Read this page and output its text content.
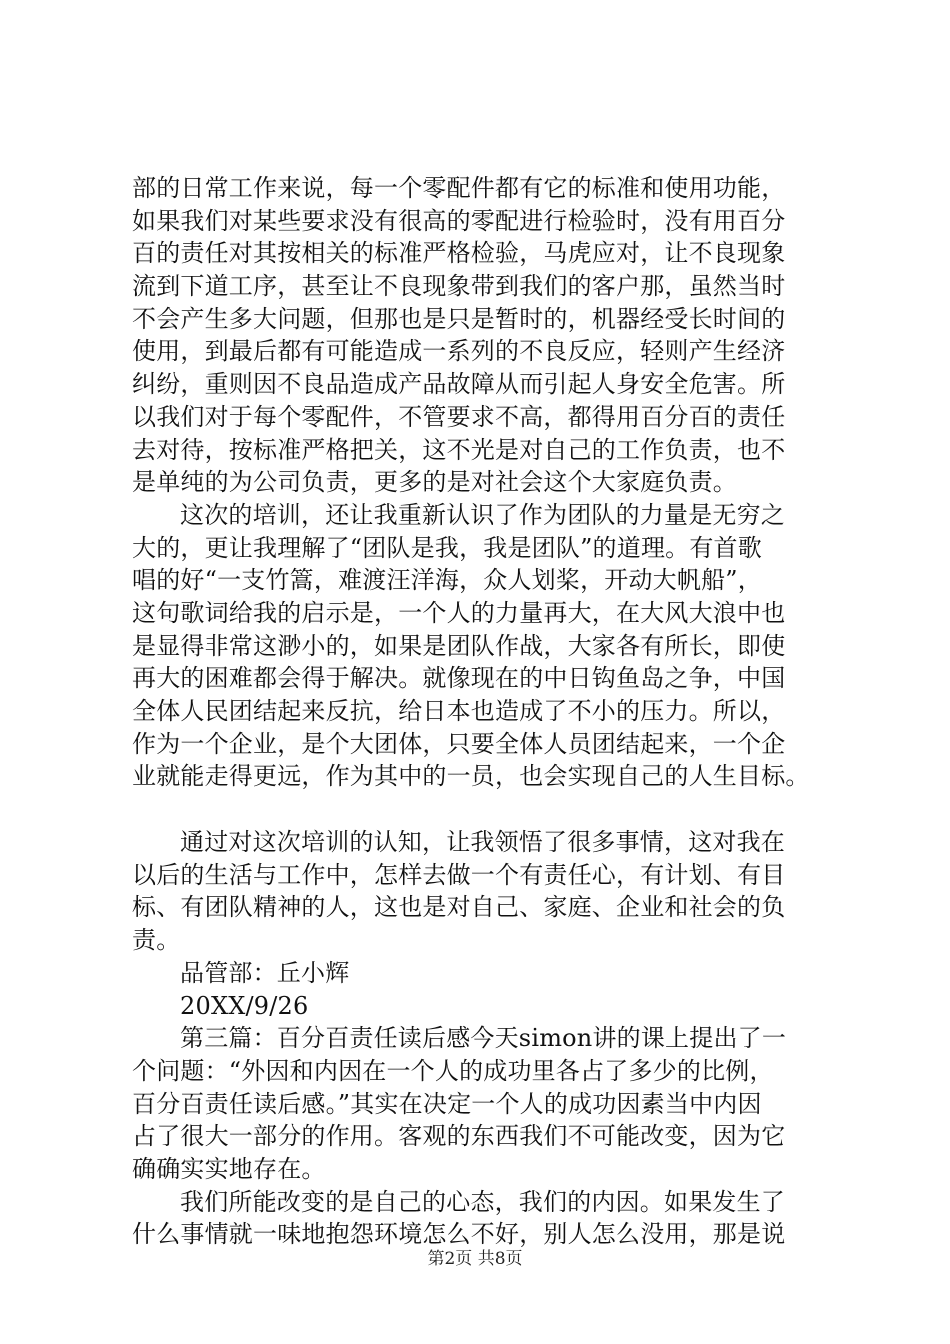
部的日常工作来说，每一个零配件都有它的标准和使用功能，
如果我们对某些要求没有很高的零配进行检验时，没有用百分
百的责任对其按相关的标准严格检验，马虎应对，让不良现象
流到下道工序，甚至让不良现象带到我们的客户那，虽然当时
不会产生多大问题，但那也是只是暂时的，机器经受长时间的
使用，到最后都有可能造成一系列的不良反应，轻则产生经济
纠纷，重则因不良品造成产品故障从而引起人身安全危害。所
以我们对于每个零配件，不管要求不高，都得用百分百的责任
去对待，按标准严格把关，这不光是对自己的工作负责，也不
是单纯的为公司负责，更多的是对社会这个大家庭负责。
这次的培训，还让我重新认识了作为团队的力量是无穷之
大的，更让我理解了“团队是我，我是团队”的道理。有首歌
唱的好“一支竹篙，难渡汪洋海，众人划桨，开动大帆船”，
这句歌词给我的启示是，一个人的力量再大，在大风大浪中也
是显得非常这渺小的，如果是团队作战，大家各有所长，即使
再大的困难都会得于解决。就像现在的中日钩鱼岛之争，中国
全体人民团结起来反抗，给日本也造成了不小的压力。所以，
作为一个企业，是个大团体，只要全体人员团结起来，一个企
业就能走得更远，作为其中的一员，也会实现自己的人生目标。
通过对这次培训的认知，让我领悟了很多事情，这对我在
以后的生活与工作中，怎样去做一个有责任心，有计划、有目
标、有团队精神的人，这也是对自己、家庭、企业和社会的负
责。
品管部：丘小辉
20XX/9/26
第三篇：百分百责任读后感今天simon讲的课上提出了一
个问题：“外因和内因在一个人的成功里各占了多少的比例，
百分百责任读后感。”其实在决定一个人的成功因素当中内因
占了很大一部分的作用。客观的东西我们不可能改变，因为它
确确实实地存在。
我们所能改变的是自己的心态，我们的内因。如果发生了
什么事情就一味地抱怨环境怎么不好，别人怎么没用，那是说
第2页 共8页
